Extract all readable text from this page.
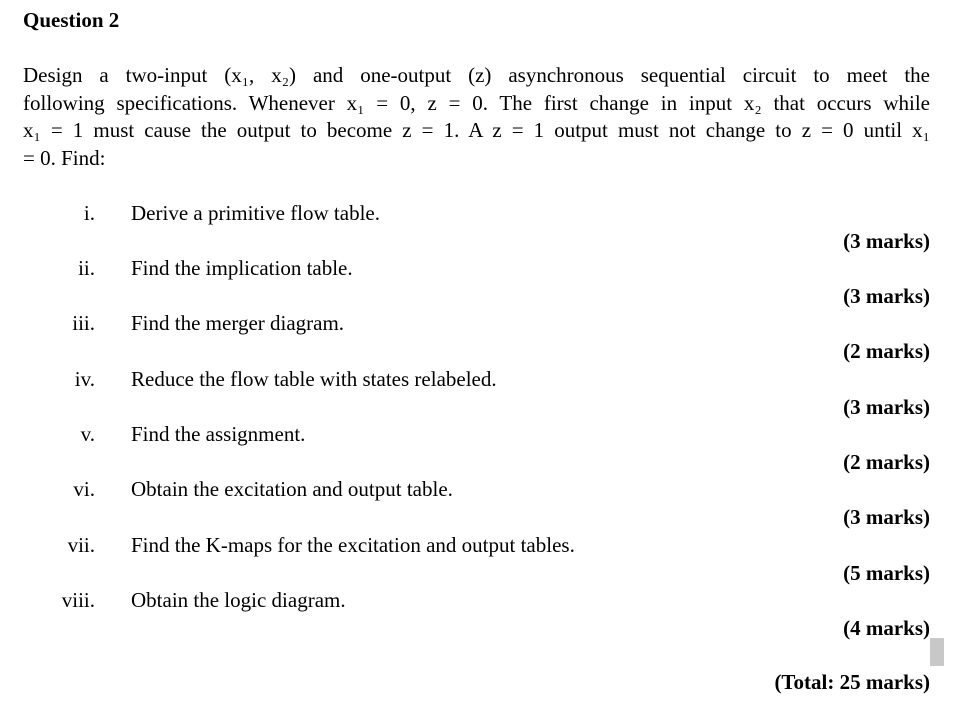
Question 2
Design a two-input (x₁, x₂) and one-output (z) asynchronous sequential circuit to meet the
following specifications. Whenever x₁ = 0, z = 0. The first change in input x₂ that occurs while
x₁ = 1 must cause the output to become z = 1. A z = 1 output must not change to z = 0 until x₁
= 0. Find:
i. Derive a primitive flow table.
(3 marks)
ii. Find the implication table.
(3 marks)
iii. Find the merger diagram.
(2 marks)
iv. Reduce the flow table with states relabeled.
(3 marks)
v. Find the assignment.
(2 marks)
vi. Obtain the excitation and output table.
(3 marks)
vii. Find the K-maps for the excitation and output tables.
(5 marks)
viii. Obtain the logic diagram.
(4 marks)
(Total: 25 marks)
